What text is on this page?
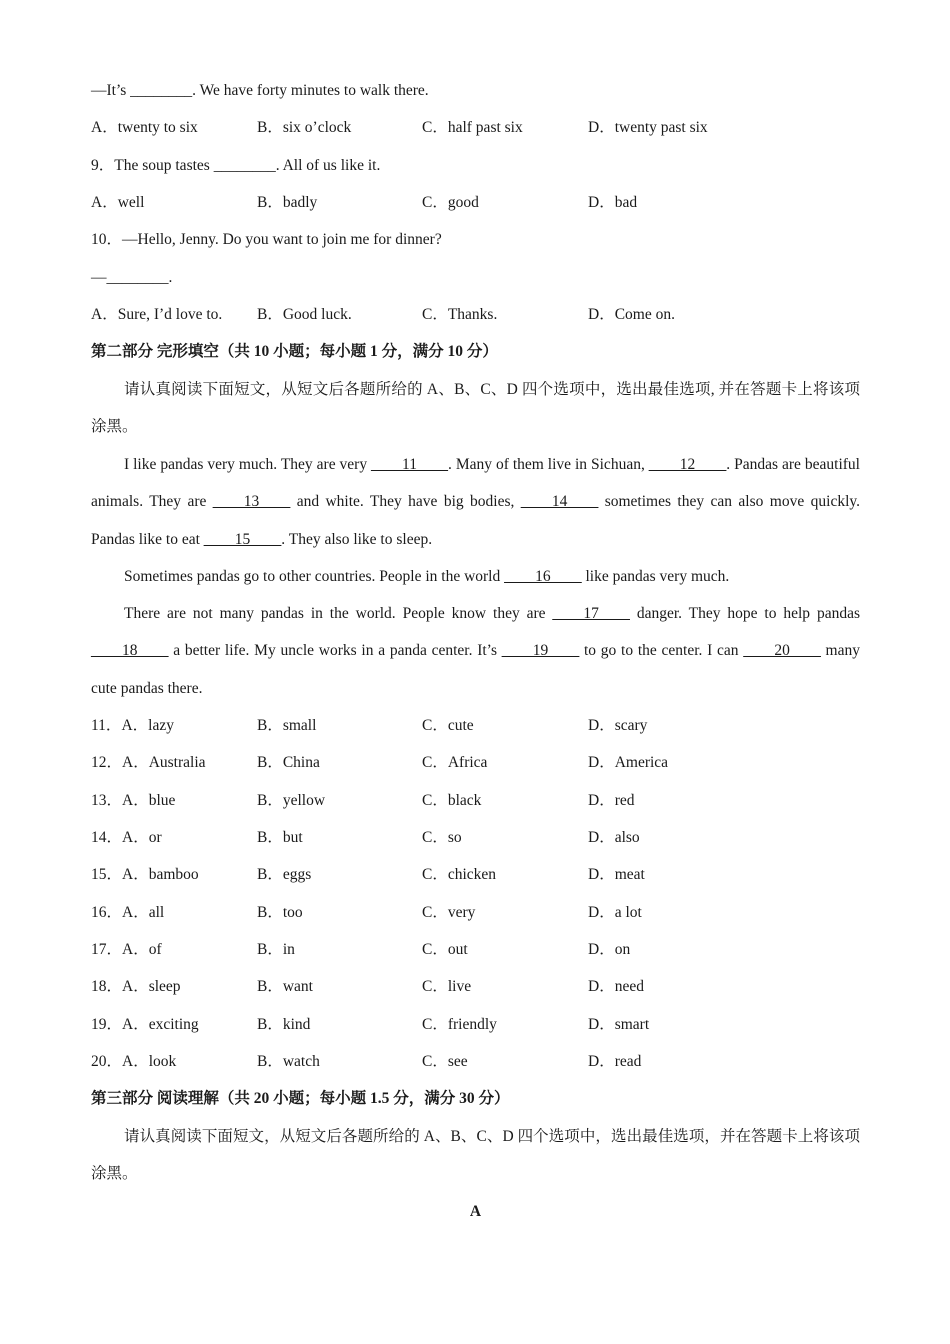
—It’s ________. We have forty minutes to walk there.
A．twenty to six	B．six o’clock	C．half past six	D．twenty past six
9．The soup tastes ________. All of us like it.
A．well	B．badly	C．good	D．bad
10．—Hello, Jenny. Do you want to join me for dinner?
—________.
A．Sure, I’d love to. B．Good luck.	C．Thanks.	D．Come on.
第二部分 完形填空（共 10 小题；每小题 1 分，满分 10 分）
请认真阅读下面短文，从短文后各题所给的 A、B、C、D 四个选项中，选出最佳选项, 并在答题卡上将该项涂黑。
I like pandas very much. They are very ____11____. Many of them live in Sichuan, ____12____. Pandas are beautiful animals. They are ____13____ and white. They have big bodies, ____14____ sometimes they can also move quickly. Pandas like to eat ____15____. They also like to sleep.
Sometimes pandas go to other countries. People in the world ____16____ like pandas very much.
There are not many pandas in the world. People know they are ____17____ danger. They hope to help pandas ____18____ a better life. My uncle works in a panda center. It’s ____19____ to go to the center. I can ____20____ many cute pandas there.
11．A．lazy	B．small	C．cute	D．scary
12．A．Australia	B．China	C．Africa	D．America
13．A．blue	B．yellow	C．black	D．red
14．A．or	B．but	C．so	D．also
15．A．bamboo	B．eggs	C．chicken	D．meat
16．A．all	B．too	C．very	D．a lot
17．A．of	B．in	C．out	D．on
18．A．sleep	B．want	C．live	D．need
19．A．exciting	B．kind	C．friendly	D．smart
20．A．look	B．watch	C．see	D．read
第三部分 阅读理解（共 20 小题；每小题 1.5 分，满分 30 分）
请认真阅读下面短文，从短文后各题所给的 A、B、C、D 四个选项中，选出最佳选项，并在答题卡上将该项涂黑。
A
